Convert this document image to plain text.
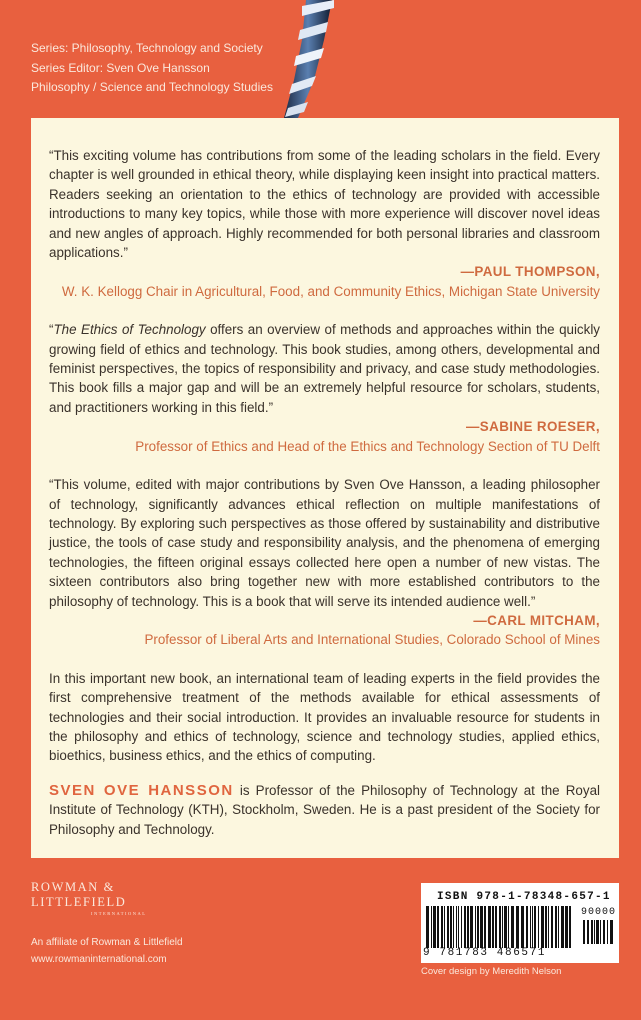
Series: Philosophy, Technology and Society
Series Editor: Sven Ove Hansson
Philosophy / Science and Technology Studies

“This exciting volume has contributions from some of the leading scholars in the field. Every chapter is well grounded in ethical theory, while displaying keen insight into practical matters. Readers seeking an orientation to the ethics of technology are provided with accessible introductions to many key topics, while those with more experience will discover novel ideas and new angles of approach. Highly recommended for both personal libraries and classroom applications.”

—PAUL THOMPSON,
W. K. Kellogg Chair in Agricultural, Food, and Community Ethics, Michigan State University

“The Ethics of Technology offers an overview of methods and approaches within the quickly growing field of ethics and technology. This book studies, among others, developmental and feminist perspectives, the topics of responsibility and privacy, and case study methodologies. This book fills a major gap and will be an extremely helpful resource for scholars, students, and practitioners working in this field.”

—SABINE ROESER,
Professor of Ethics and Head of the Ethics and Technology Section of TU Delft

“This volume, edited with major contributions by Sven Ove Hansson, a leading philosopher of technology, significantly advances ethical reflection on multiple manifestations of technology. By exploring such perspectives as those offered by sustainability and distributive justice, the tools of case study and responsibility analysis, and the phenomena of emerging technologies, the fifteen original essays collected here open a number of new vistas. The sixteen contributors also bring together new with more established contributors to the philosophy of technology. This is a book that will serve its intended audience well.”

—CARL MITCHAM,
Professor of Liberal Arts and International Studies, Colorado School of Mines

In this important new book, an international team of leading experts in the field provides the first comprehensive treatment of the methods available for ethical assessments of technologies and their social introduction. It provides an invaluable resource for students in the philosophy and ethics of technology, science and technology studies, applied ethics, bioethics, business ethics, and the ethics of computing.

SVEN OVE HANSSON is Professor of the Philosophy of Technology at the Royal Institute of Technology (KTH), Stockholm, Sweden. He is a past president of the Society for Philosophy and Technology.

ROWMAN &
LITTLEFIELD
INTERNATIONAL
An affiliate of Rowman & Littlefield
www.rowmaninternational.com
ISBN 978-1-78348-657-1
90000
9 781783 486571
Cover design by Meredith Nelson
